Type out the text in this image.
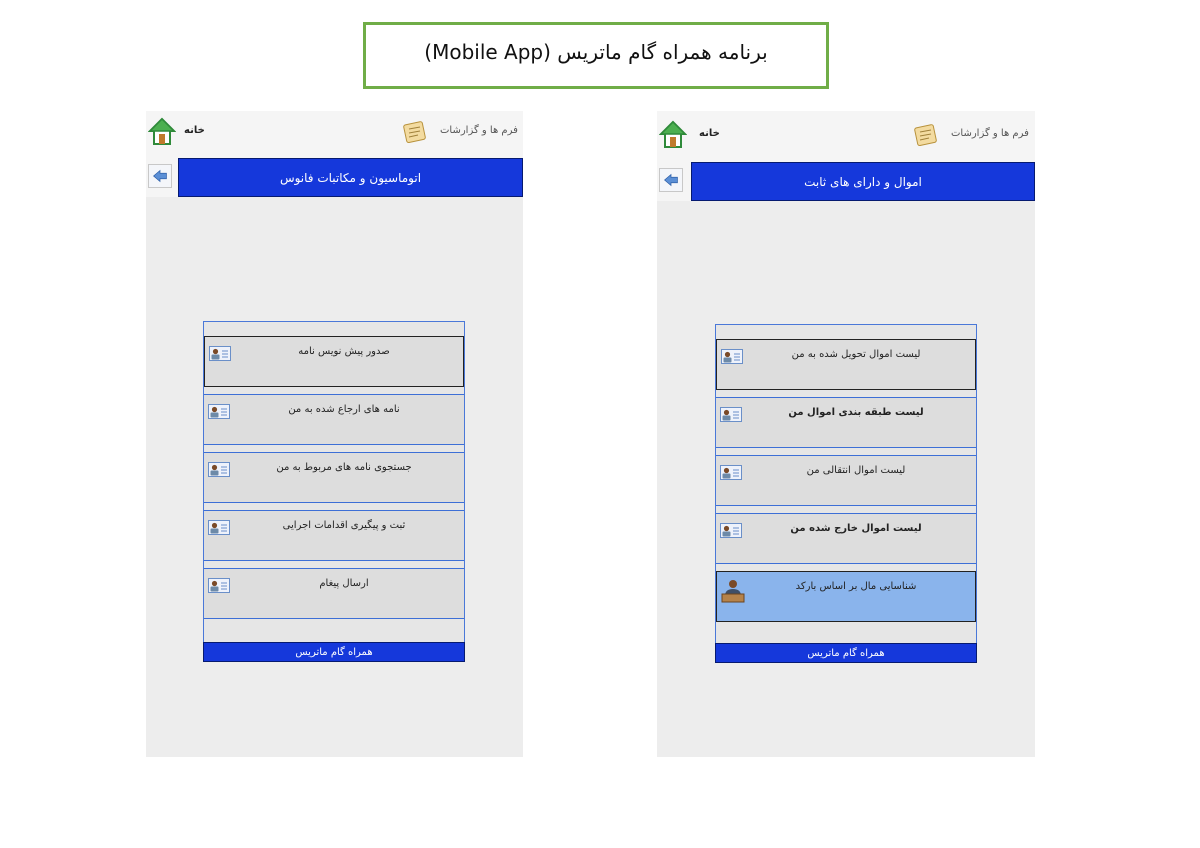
برنامه همراه گام ماتریس (Mobile App)
خانه	فرم ها و گزارشات
اتوماسیون و مکاتبات فانوس
صدور پیش نویس نامه
نامه های ارجاع شده به من
جستجوی نامه های مربوط به من
ثبت و پیگیری اقدامات اجرایی
ارسال پیغام
همراه گام ماتریس
خانه	فرم ها و گزارشات
اموال و دارای های ثابت
لیست اموال تحویل شده به من
لیست طبقه بندی اموال من
لیست اموال انتقالی من
لیست اموال خارج شده من
شناسایی مال بر اساس بارکد
همراه گام ماتریس
